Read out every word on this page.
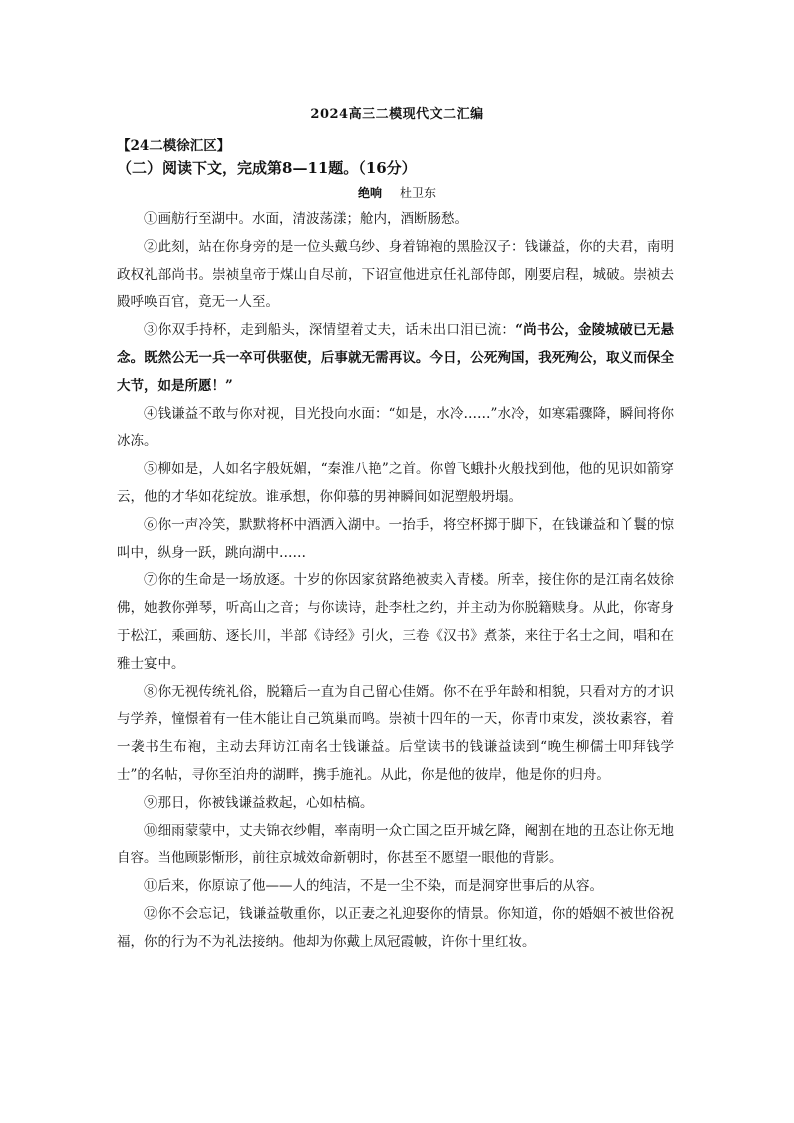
2024高三二模现代文二汇编
【24二模徐汇区】
（二）阅读下文，完成第8—11题。（16分）
绝响 杜卫东

①画舫行至湖中。水面，清波荡漾；舱内，酒断肠愁。

②此刻，站在你身旁的是一位头戴乌纱、身着锦袍的黑脸汉子：钱谦益，你的夫君，南明政权礼部尚书。崇祯皇帝于煤山自尽前，下诏宣他进京任礼部侍郎，刚要启程，城破。崇祯去殿呼唤百官，竟无一人至。

③你双手持杯，走到船头，深情望着丈夫，话未出口泪已流：“尚书公，金陵城破已无悬念。既然公无一兵一卒可供驱使，后事就无需再议。今日，公死殉国，我死殉公，取义而保全大节，如是所愿！”

④钱谦益不敢与你对视，目光投向水面：“如是，水冷……”水冷，如寒霜骤降，瞬间将你冰冻。

⑤柳如是，人如名字般妩媚，“秦淮八艳”之首。你曾飞蛾扑火般找到他，他的见识如箭穿云，他的才华如花绽放。谁承想，你仰慕的男神瞬间如泥塑般坍塌。

⑥你一声冷笑，默默将杯中酒洒入湖中。一抬手，将空杯掷于脚下，在钱谦益和丫鬟的惊叫中，纵身一跃，跳向湖中……

⑦你的生命是一场放逐。十岁的你因家贫路绝被卖入青楼。所幸，接住你的是江南名妓徐佛，她教你弹琴，听高山之音；与你读诗，赴李杜之约，并主动为你脱籍赎身。从此，你寄身于松江，乘画舫、逐长川，半部《诗经》引火，三卷《汉书》煮茶，来往于名士之间，唱和在雅士宴中。

⑧你无视传统礼俗，脱籍后一直为自己留心佳婿。你不在乎年龄和相貌，只看对方的才识与学养，憧憬着有一佳木能让自己筑巢而鸣。崇祯十四年的一天，你青巾束发，淡妆素容，着一袭书生布袍，主动去拜访江南名士钱谦益。后堂读书的钱谦益读到“晚生柳儒士叩拜钱学士”的名帖，寻你至泊舟的湖畔，携手施礼。从此，你是他的彼岸，他是你的归舟。

⑨那日，你被钱谦益救起，心如枯槁。

⑩细雨蒙蒙中，丈夫锦衣纱帽，率南明一众亡国之臣开城乞降，阉割在地的丑态让你无地自容。当他顾影惭形，前往京城效命新朝时，你甚至不愿望一眼他的背影。

⑪后来，你原谅了他——人的纯洁，不是一尘不染，而是洞穿世事后的从容。

⑫你不会忘记，钱谦益敬重你，以正妻之礼迎娶你的情景。你知道，你的婚姻不被世俗祝福，你的行为不为礼法接纳。他却为你戴上凤冠霞帔，许你十里红妆。
